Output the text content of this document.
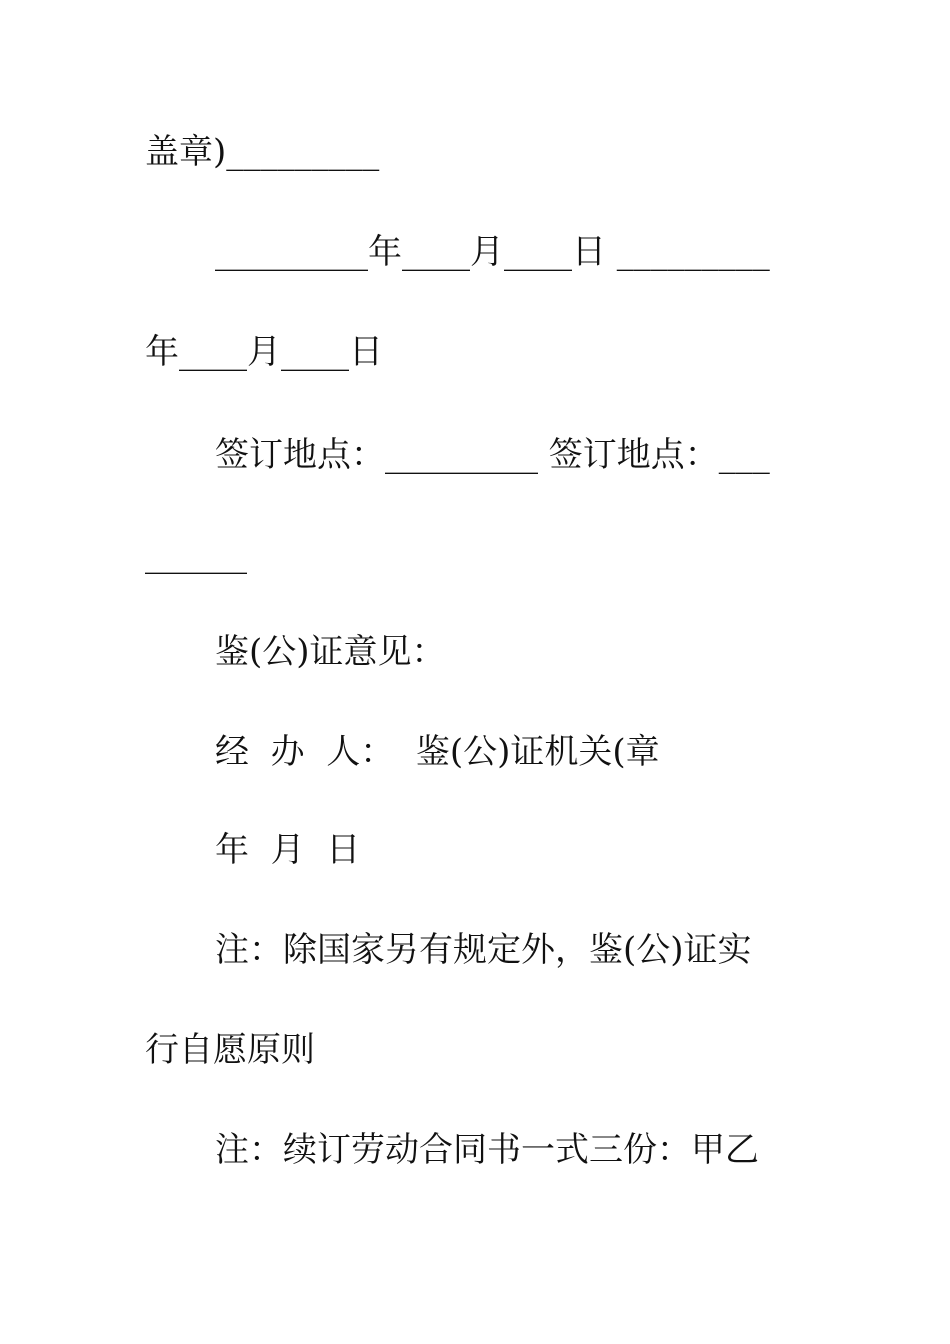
盖章)_________
_________年____月____日 _________
年____月____日
签订地点：_________ 签订地点：___
______
鉴(公)证意见：
经  办  人：  鉴(公)证机关(章
年  月  日
注：除国家另有规定外，鉴(公)证实
行自愿原则
注：续订劳动合同书一式三份：甲乙
